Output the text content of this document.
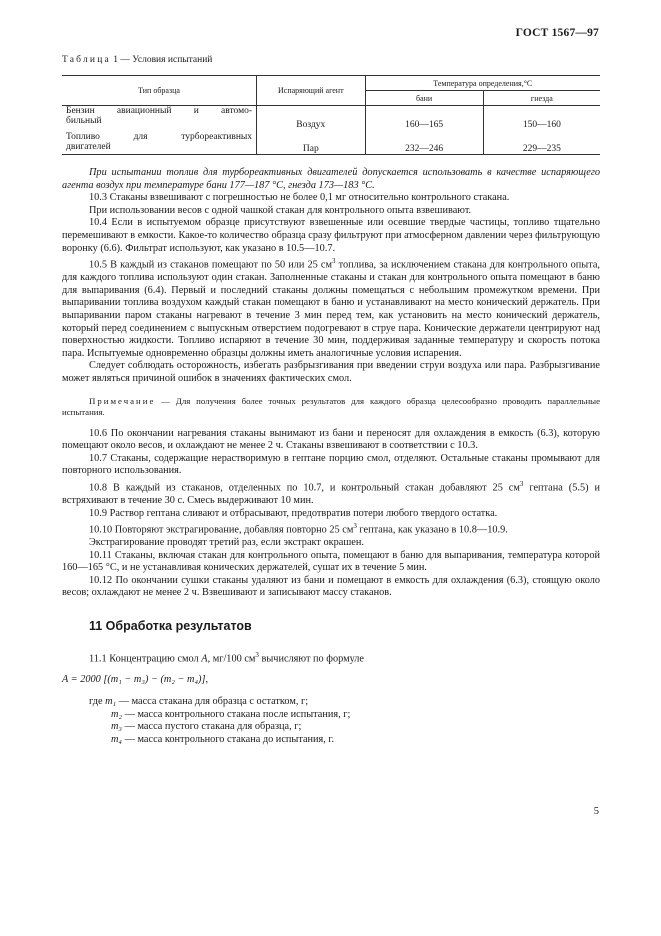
ГОСТ 1567—97
Таблица 1 — Условия испытаний
Тип образца	Испаряющий агент	Температура определения,°С	
		бани	гнезда

Бензин авиационный и автомо-
бильный	Воздух	160—165	150—160

Топливо для турбореактивных
двигателей	Пар	232—246	229—235

При испытании топлив для турбореактивных двигателей допускается использовать в качестве испаряющего агента воздух при температуре бани 177—187 °С, гнезда 173—183 °С.

10.3 Стаканы взвешивают с погрешностью не более 0,1 мг относительно контрольного стакана.

При использовании весов с одной чашкой стакан для контрольного опыта взвешивают.

10.4 Если в испытуемом образце присутствуют взвешенные или осевшие твердые частицы, топливо тщательно перемешивают в емкости. Какое-то количество образца сразу фильтруют при атмосферном давлении через фильтрующую воронку (6.6). Фильтрат используют, как указано в 10.5—10.7.

10.5 В каждый из стаканов помещают по 50 или 25 $см^3$ топлива, за исключением стакана для контрольного опыта, для каждого топлива используют один стакан. Заполненные стаканы и стакан для контрольного опыта помещают в баню для выпаривания (6.4). Первый и последний стаканы должны помещаться с небольшим промежутком времени. При выпаривании топлива воздухом каждый стакан помещают в баню и устанавливают на место конический держатель. При выпаривании паром стаканы нагревают в течение 3 мин перед тем, как установить на место конический держатель, который перед соединением с выпускным отверстием подогревают в струе пара. Конические держатели центрируют над поверхностью жидкости. Топливо испаряют в течение 30 мин, поддерживая заданные температуру и скорость потока пара. Испытуемые одновременно образцы должны иметь аналогичные условия испарения.

Следует соблюдать осторожность, избегать разбрызгивания при введении струи воздуха или пара. Разбрызгивание может являться причиной ошибок в значениях фактических смол.

Примечание — Для получения более точных результатов для каждого образца целесообразно проводить параллельные испытания.

10.6 По окончании нагревания стаканы вынимают из бани и переносят для охлаждения в емкость (6.3), которую помещают около весов, и охлаждают не менее 2 ч. Стаканы взвешивают в соответствии с 10.3.

10.7 Стаканы, содержащие нерастворимую в гептане порцию смол, отделяют. Остальные стаканы промывают для повторного использования.

10.8 В каждый из стаканов, отделенных по 10.7, и контрольный стакан добавляют 25 $см^3$ гептана (5.5) и встряхивают в течение 30 с. Смесь выдерживают 10 мин.

10.9 Раствор гептана сливают и отбрасывают, предотвратив потери любого твердого остатка.

10.10 Повторяют экстрагирование, добавляя повторно 25 $см^3$ гептана, как указано в 10.8—10.9.

Экстрагирование проводят третий раз, если экстракт окрашен.

10.11 Стаканы, включая стакан для контрольного опыта, помещают в баню для выпаривания, температура которой 160—165 °С, и не устанавливая конических держателей, сушат их в течение 5 мин.

10.12 По окончании сушки стаканы удаляют из бани и помещают в емкость для охлаждения (6.3), стоящую около весов; охлаждают не менее 2 ч. Взвешивают и записывают массу стаканов.

11 Обработка результатов

11.1 Концентрацию смол A, мг/100 $см^3$ вычисляют по формуле

A = 2000 [(m₁ − m₃) − (m₂ − m₄)],

где m₁ — масса стакана для образца с остатком, г;
m₂ — масса контрольного стакана после испытания, г;
m₃ — масса пустого стакана для образца, г;
m₄ — масса контрольного стакана до испытания, г.
5
